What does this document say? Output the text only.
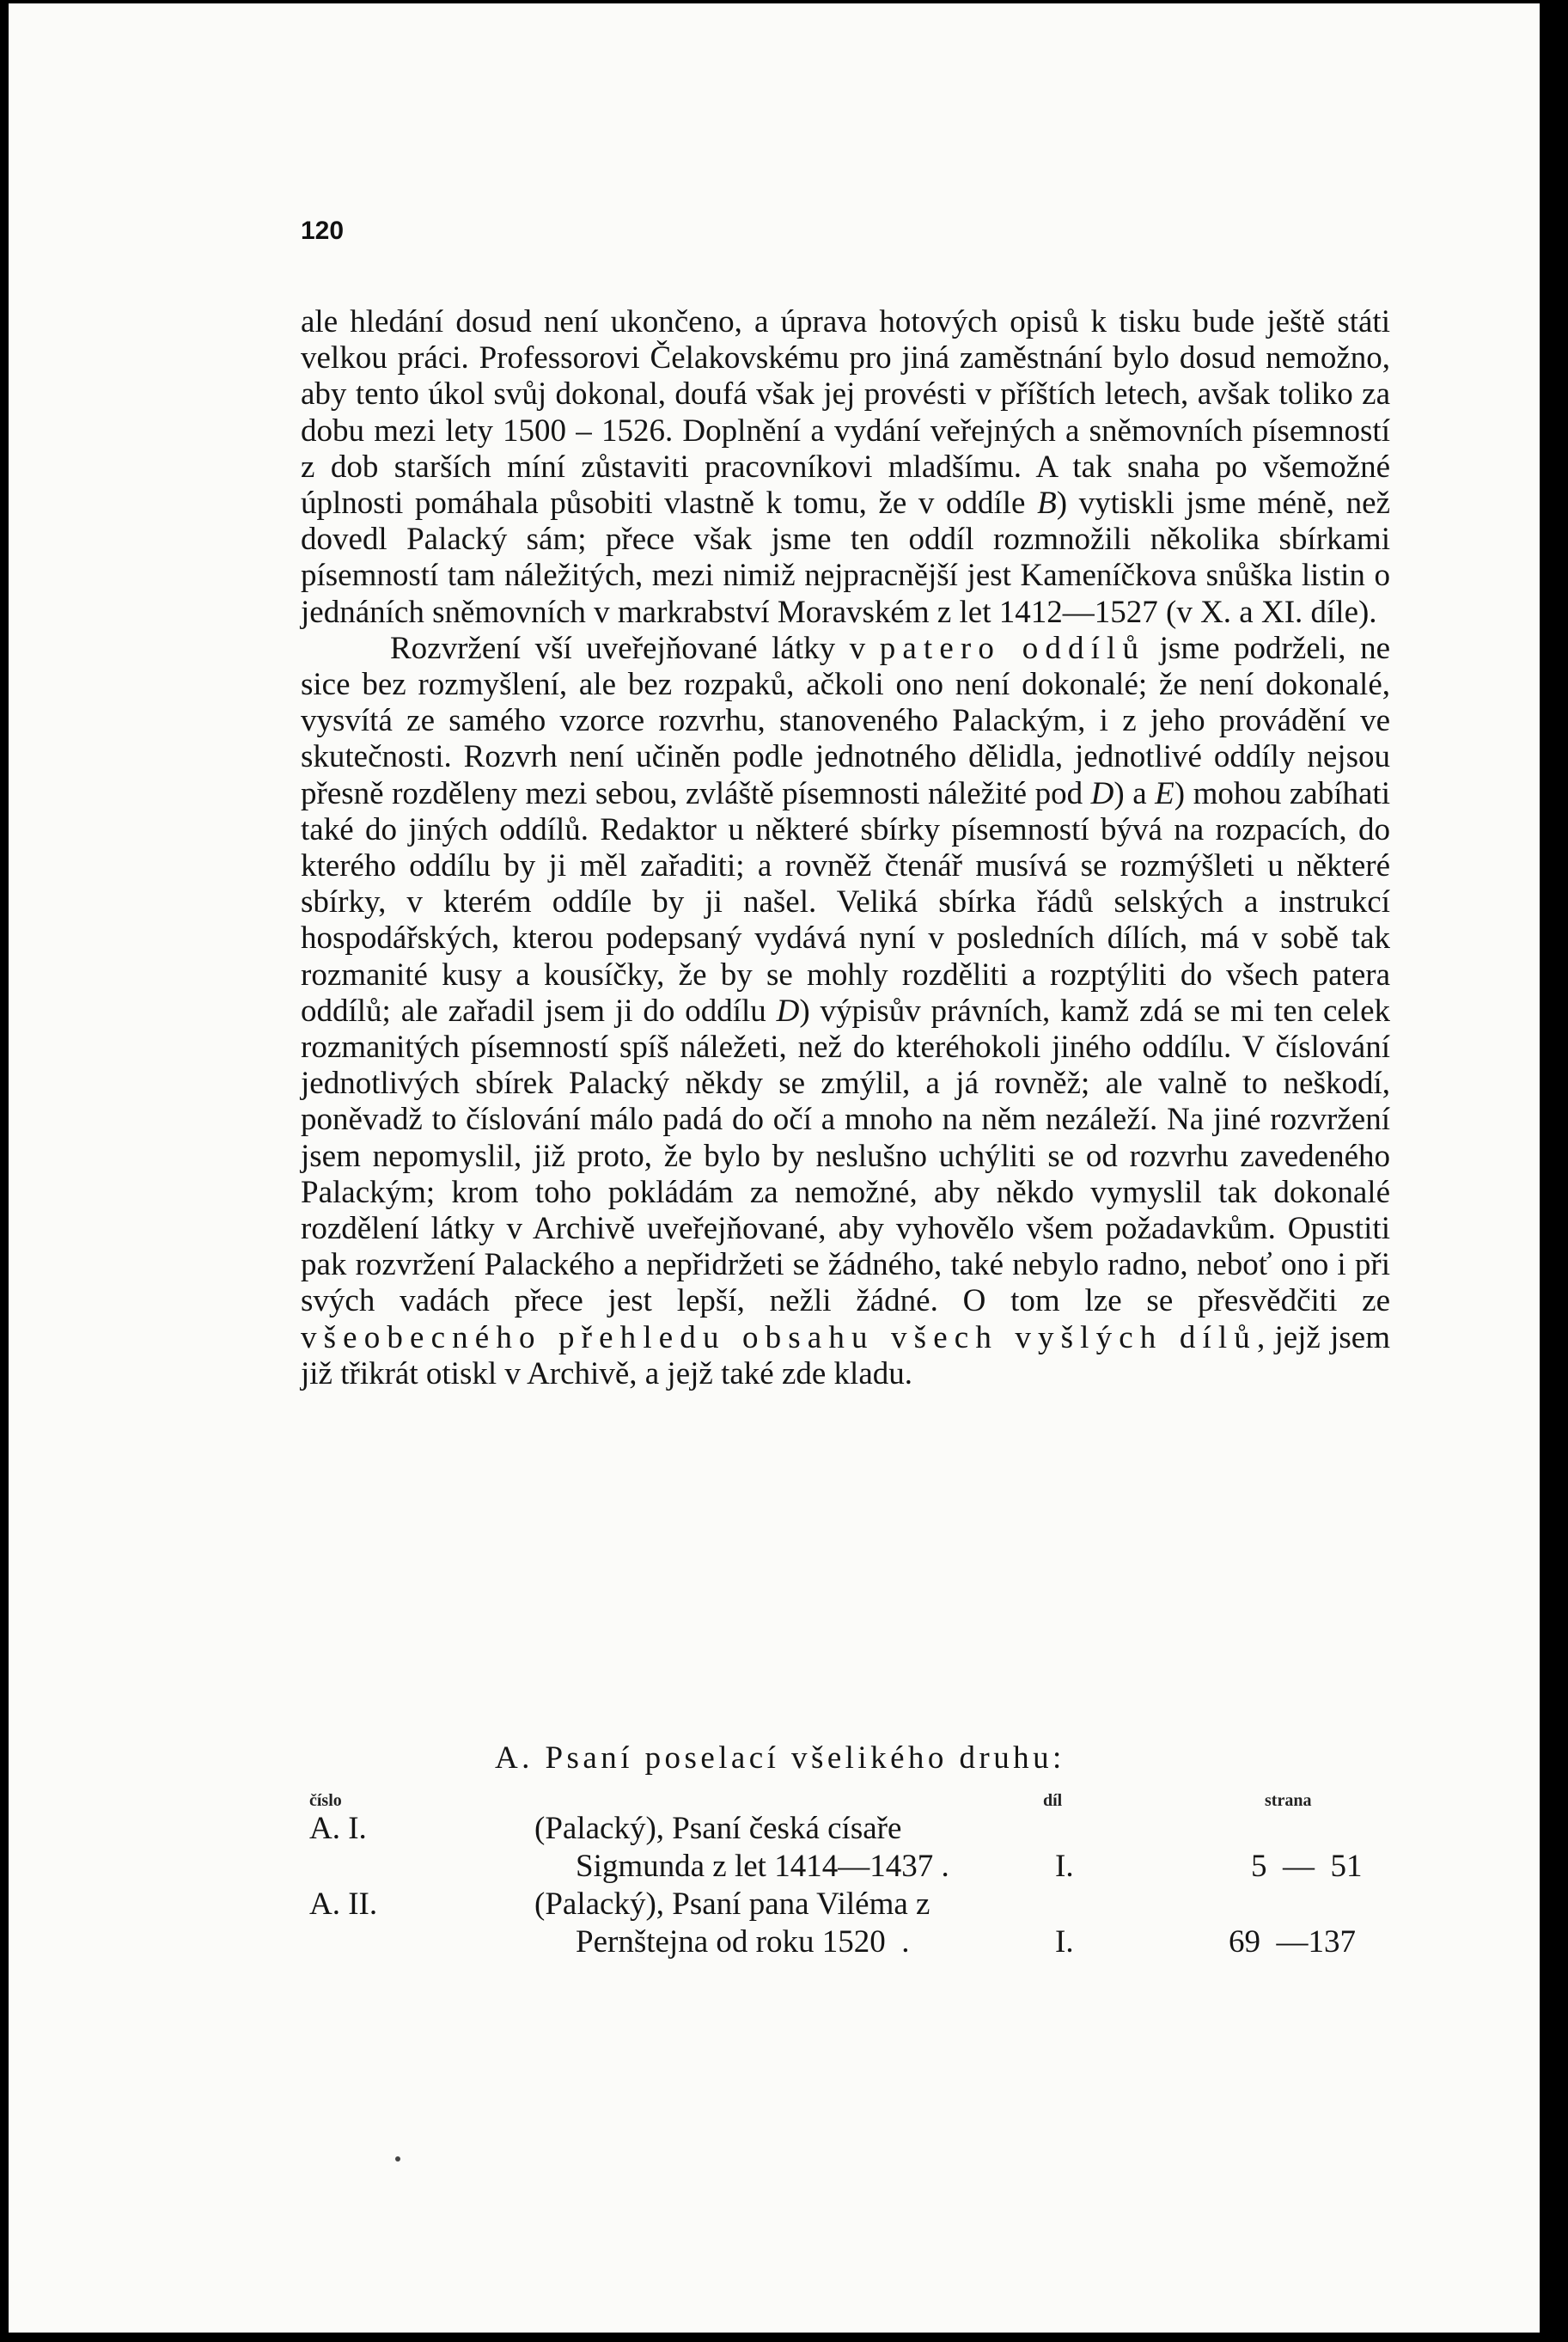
120

ale hledání dosud není ukončeno, a úprava hotových opisů k tisku bude ještě státi velkou práci. Professorovi Čelakovskému pro jiná zaměstnání bylo dosud nemožno, aby tento úkol svůj dokonal, doufá však jej provésti v příštích letech, avšak toliko za dobu mezi lety 1500 – 1526. Doplnění a vydání veřejných a sněmovních písemností z dob starších míní zůstaviti pracovníkovi mladšímu. A tak snaha po všemožné úplnosti pomáhala působiti vlastně k tomu, že v oddíle B) vytiskli jsme méně, než dovedl Palacký sám; přece však jsme ten oddíl rozmnožili několika sbírkami písemností tam náležitých, mezi nimiž nejpracnější jest Kameníčkova snůška listin o jednáních sněmovních v markrabství Moravském z let 1412—1527 (v X. a XI. díle).

Rozvržení vší uveřejňované látky v patero oddílů jsme podrželi, ne sice bez rozmyšlení, ale bez rozpaků, ačkoli ono není dokonalé; že není dokonalé, vysvítá ze samého vzorce rozvrhu, stanoveného Palackým, i z jeho provádění ve skutečnosti. Rozvrh není učiněn podle jednotného dělidla, jednotlivé oddíly nejsou přesně rozděleny mezi sebou, zvláště písemnosti náležité pod D) a E) mohou zabíhati také do jiných oddílů. Redaktor u některé sbírky písemností bývá na rozpacích, do kterého oddílu by ji měl zařaditi; a rovněž čtenář musívá se rozmýšleti u některé sbírky, v kterém oddíle by ji našel. Veliká sbírka řádů selských a instrukcí hospodářských, kterou podepsaný vydává nyní v posledních dílích, má v sobě tak rozmanité kusy a kousíčky, že by se mohly rozděliti a rozptýliti do všech patera oddílů; ale zařadil jsem ji do oddílu D) výpisův právních, kamž zdá se mi ten celek rozmanitých písemností spíš náležeti, než do kteréhokoli jiného oddílu. V číslování jednotlivých sbírek Palacký někdy se zmýlil, a já rovněž; ale valně to neškodí, poněvadž to číslování málo padá do očí a mnoho na něm nezáleží. Na jiné rozvržení jsem nepomyslil, již proto, že bylo by neslušno uchýliti se od rozvrhu zavedeného Palackým; krom toho pokládám za nemožné, aby někdo vymyslil tak dokonalé rozdělení látky v Archivě uveřejňované, aby vyhovělo všem požadavkům. Opustiti pak rozvržení Palackého a nepřidržeti se žádného, také nebylo radno, neboť ono i při svých vadách přece jest lepší, nežli žádné. O tom lze se přesvědčiti ze všeobecného přehledu obsahu všech vyšlých dílů, jejž jsem již třikrát otiskl v Archivě, a jejž také zde kladu.

A. Psaní poselací všelikého druhu:
číslo	díl	strana
A. I.	(Palacký), Psaní česká císaře
Sigmunda z let 1414—1437 .	I.	5  —  51
A. II.	(Palacký), Psaní pana Viléma z
Pernštejna od roku 1520  .	I.	69  —137
